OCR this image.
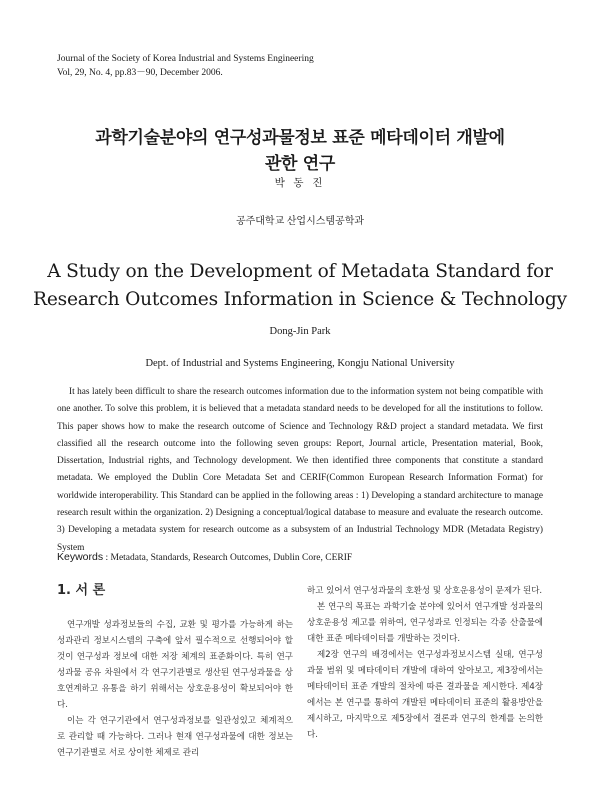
Journal of the Society of Korea Industrial and Systems Engineering
Vol, 29, No. 4, pp.83－90, December 2006.
과학기술분야의 연구성과물정보 표준 메타데이터 개발에
관한 연구
박 동 진
공주대학교 산업시스템공학과
A Study on the Development of Metadata Standard for
Research Outcomes Information in Science & Technology
Dong-Jin Park
Dept. of Industrial and Systems Engineering, Kongju National University

It has lately been difficult to share the research outcomes information due to the information system not being compatible with one another. To solve this problem, it is believed that a metadata standard needs to be developed for all the institutions to follow. This paper shows how to make the research outcome of Science and Technology R&D project a standard metadata. We first classified all the research outcome into the following seven groups: Report, Journal article, Presentation material, Book, Dissertation, Industrial rights, and Technology development. We then identified three components that constitute a standard metadata. We employed the Dublin Core Metadata Set and CERIF(Common European Research Information Format) for worldwide interoperability. This Standard can be applied in the following areas : 1) Developing a standard architecture to manage research result within the organization. 2) Designing a conceptual/logical database to measure and evaluate the research outcome. 3) Developing a metadata system for research outcome as a subsystem of an Industrial Technology MDR (Metadata Registry) System

Keywords : Metadata, Standards, Research Outcomes, Dublin Core, CERIF
1. 서 론

연구개발 성과정보들의 수집, 교환 및 평가를 가능하게 하는 성과관리 정보시스템의 구축에 앞서 필수적으로 선행되어야 할 것이 연구성과 정보에 대한 저장 체계의 표준화이다. 특히 연구성과물 공유 차원에서 각 연구기관별로 생산된 연구성과물을 상호연계하고 유통을 하기 위해서는 상호운용성이 확보되어야 한다.

이는 각 연구기관에서 연구성과정보를 일관성있고 체계적으로 관리할 때 가능하다. 그러나 현재 연구성과물에 대한 정보는 연구기관별로 서로 상이한 체제로 관리

하고 있어서 연구성과물의 호환성 및 상호운용성이 문제가 된다.

본 연구의 목표는 과학기술 분야에 있어서 연구개발 성과물의 상호운용성 제고를 위하여, 연구성과로 인정되는 각종 산출물에 대한 표준 메타데이터를 개발하는 것이다.

제2장 연구의 배경에서는 연구성과정보시스템 실태, 연구성과물 범위 및 메타데이터 개발에 대하여 알아보고, 제3장에서는 메타데이터 표준 개발의 절차에 따른 결과물을 제시한다. 제4장에서는 본 연구를 통하여 개발된 메타데이터 표준의 활용방안을 제시하고, 마지막으로 제5장에서 결론과 연구의 한계를 논의한다.
